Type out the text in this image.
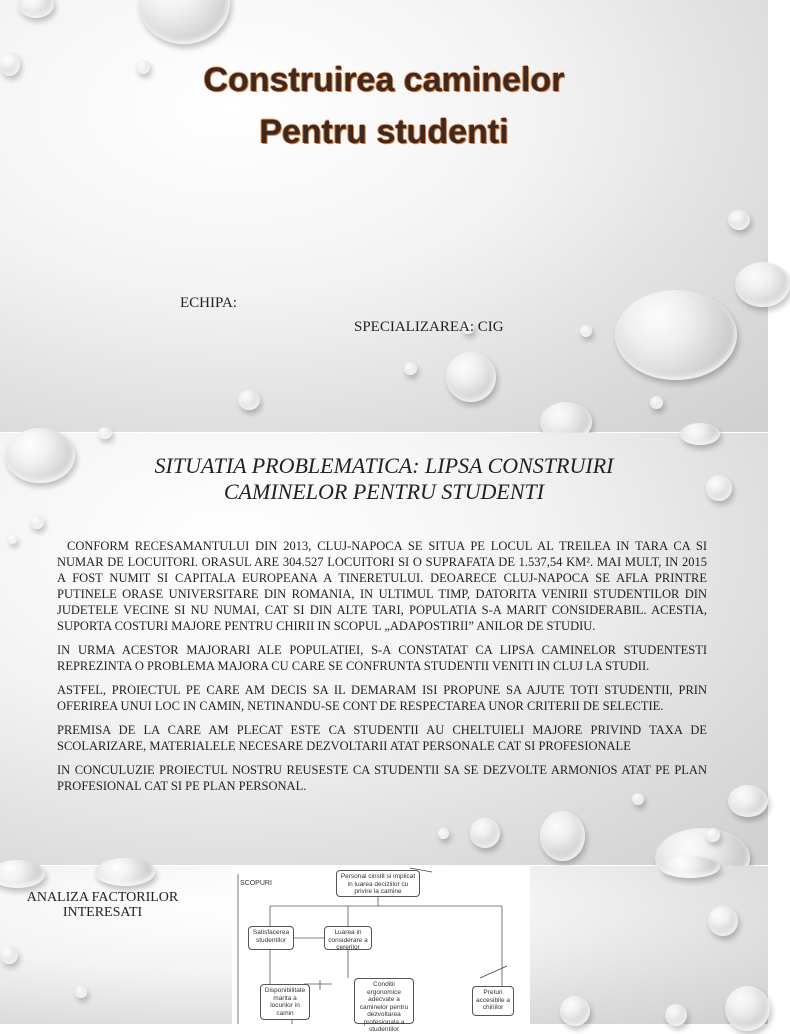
Construirea caminelor
Pentru studenti
ECHIPA:
SPECIALIZAREA: CIG
SITUATIA PROBLEMATICA: LIPSA CONSTRUIRI
CAMINELOR PENTRU STUDENTI

CONFORM RECESAMANTULUI DIN 2013, CLUJ-NAPOCA SE SITUA PE LOCUL AL TREILEA IN TARA CA SI NUMAR DE LOCUITORI. ORASUL ARE 304.527 LOCUITORI SI O SUPRAFATA DE 1.537,54 KM². MAI MULT, IN 2015 A FOST NUMIT SI CAPITALA EUROPEANA A TINERETULUI. DEOARECE CLUJ-NAPOCA SE AFLA PRINTRE PUTINELE ORASE UNIVERSITARE DIN ROMANIA, IN ULTIMUL TIMP, DATORITA VENIRII STUDENTILOR DIN JUDETELE VECINE SI NU NUMAI, CAT SI DIN ALTE TARI, POPULATIA S-A MARIT CONSIDERABIL. ACESTIA, SUPORTA COSTURI MAJORE PENTRU CHIRII IN SCOPUL „ADAPOSTIRII” ANILOR DE STUDIU.

IN URMA ACESTOR MAJORARI ALE POPULATIEI, S-A CONSTATAT CA LIPSA CAMINELOR STUDENTESTI REPREZINTA O PROBLEMA MAJORA CU CARE SE CONFRUNTA STUDENTII VENITI IN CLUJ LA STUDII.

ASTFEL, PROIECTUL PE CARE AM DECIS SA IL DEMARAM ISI PROPUNE SA AJUTE TOTI STUDENTII, PRIN OFERIREA UNUI LOC IN CAMIN, NETINANDU-SE CONT DE RESPECTAREA UNOR CRITERII DE SELECTIE.

PREMISA DE LA CARE AM PLECAT ESTE CA STUDENTII AU CHELTUIELI MAJORE PRIVIND TAXA DE SCOLARIZARE, MATERIALELE NECESARE DEZVOLTARII ATAT PERSONALE CAT SI PROFESIONALE

IN CONCULUZIE PROIECTUL NOSTRU REUSESTE CA STUDENTII SA SE DEZVOLTE ARMONIOS ATAT PE PLAN PROFESIONAL CAT SI PE PLAN PERSONAL.

ANALIZA FACTORILOR INTERESATI
SCOPURI
Personal cinstit si implicat in luarea deciziilor cu privire la camine
Satisfacerea studentilor
Luarea in considerare a cererilor
Disponibilitate marita a locurilor in camin
Conditii ergonomice adecvate a caminelor pentru dezvoltarea profesionala a studentilor
Preturi accesibile a chiriilor
